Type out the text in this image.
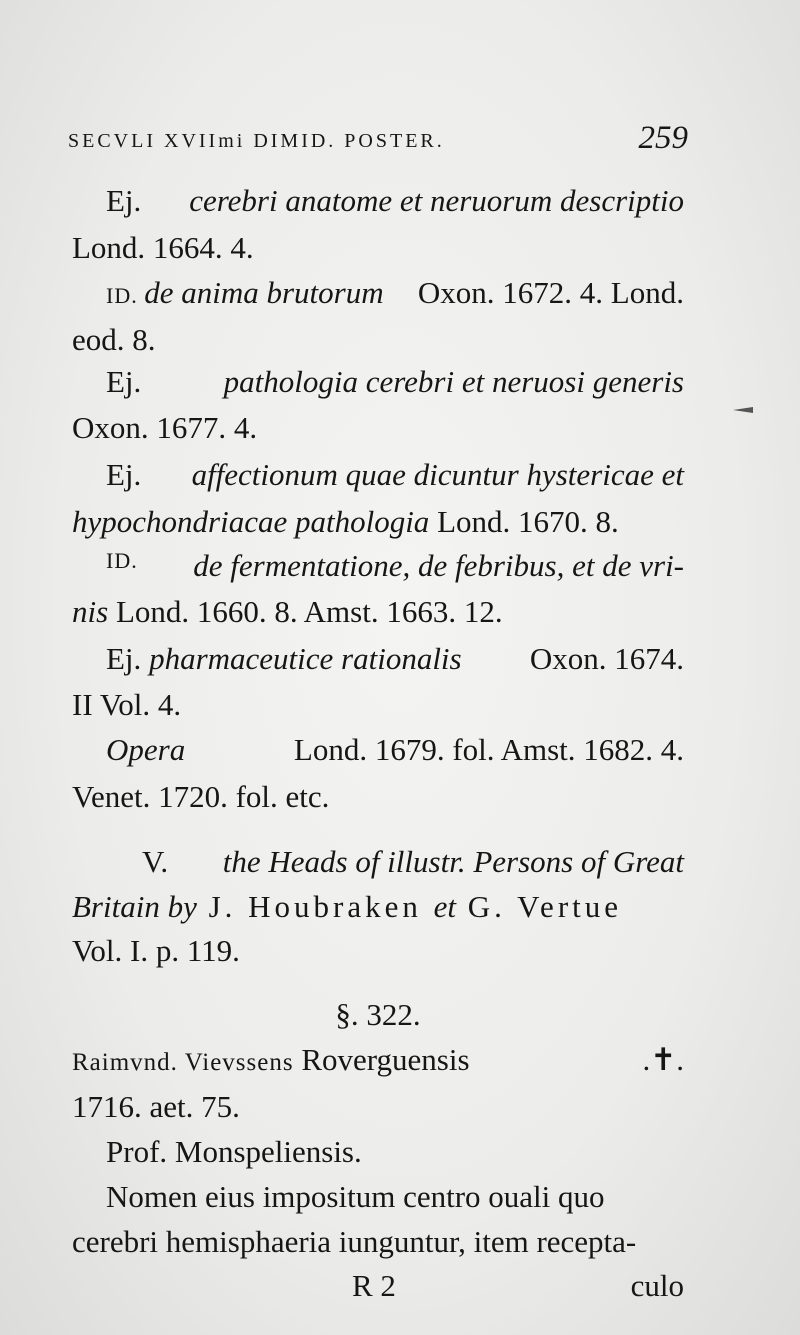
SECVLI XVIImi DIMID. POSTER.	259
Ej. cerebri anatome et neruorum descriptio
Lond. 1664. 4.
ID. de anima brutorum Oxon. 1672. 4. Lond.
eod. 8.
Ej.	pathologia cerebri et neruosi generis
Oxon. 1677. 4.
Ej. affectionum quae dicuntur hystericae et
hypochondriacae pathologia Lond. 1670. 8.
ID. de fermentatione, de febribus, et de vri-
nis Lond. 1660. 8. Amst. 1663. 12.
Ej. pharmaceutice rationalis Oxon. 1674.
II Vol. 4.
Opera	Lond. 1679. fol. Amst. 1682. 4.
Venet. 1720. fol. etc.
V. the Heads of illustr. Persons of Great
Britain by J. Houbraken et G. Vertue
Vol. I. p. 119.
§. 322.
Raimvnd. Vievssens Roverguensis	.✝.
1716. aet. 75.
Prof. Monspeliensis.
Nomen eius impositum centro ouali quo
cerebri hemisphaeria iunguntur, item recepta-
R 2	culo
